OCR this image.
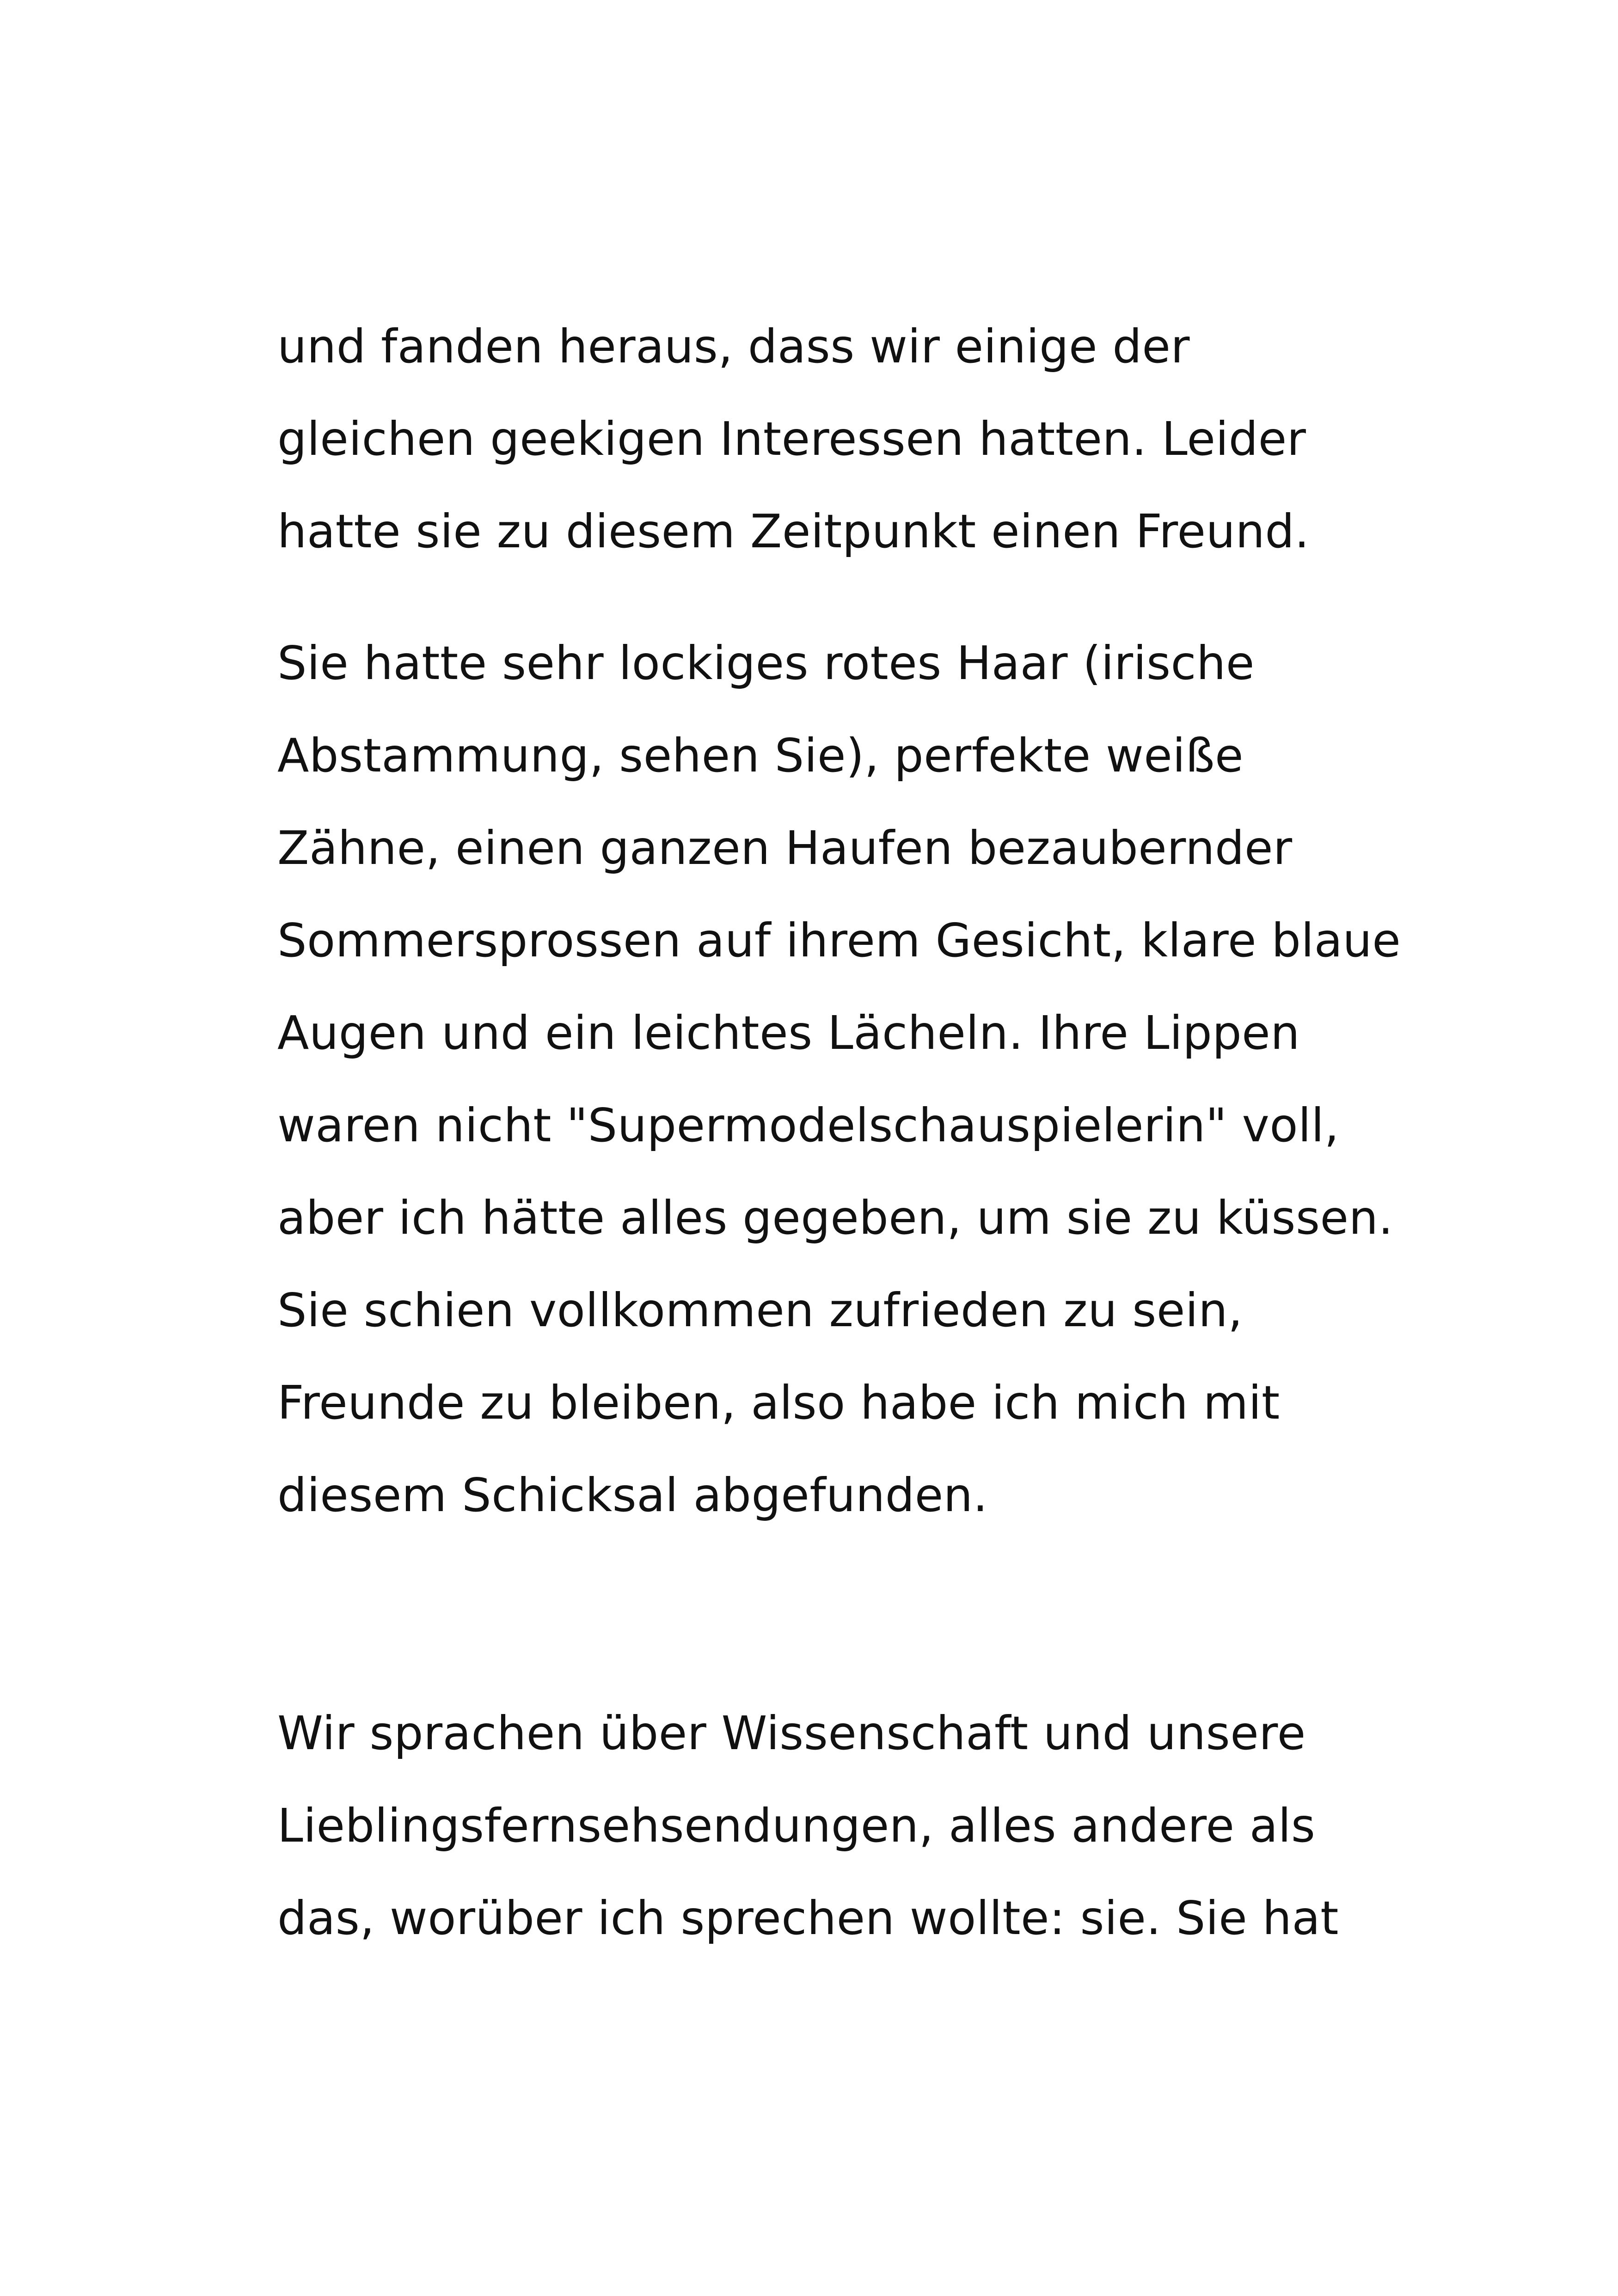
und fanden heraus, dass wir einige der

gleichen geekigen Interessen hatten. Leider

hatte sie zu diesem Zeitpunkt einen Freund.

Sie hatte sehr lockiges rotes Haar (irische

Abstammung, sehen Sie), perfekte weiße

Zähne, einen ganzen Haufen bezaubernder

Sommersprossen auf ihrem Gesicht, klare blaue

Augen und ein leichtes Lächeln. Ihre Lippen

waren nicht "Supermodelschauspielerin" voll,

aber ich hätte alles gegeben, um sie zu küssen.

Sie schien vollkommen zufrieden zu sein,

Freunde zu bleiben, also habe ich mich mit

diesem Schicksal abgefunden.

Wir sprachen über Wissenschaft und unsere

Lieblingsfernsehsendungen, alles andere als

das, worüber ich sprechen wollte: sie. Sie hat
